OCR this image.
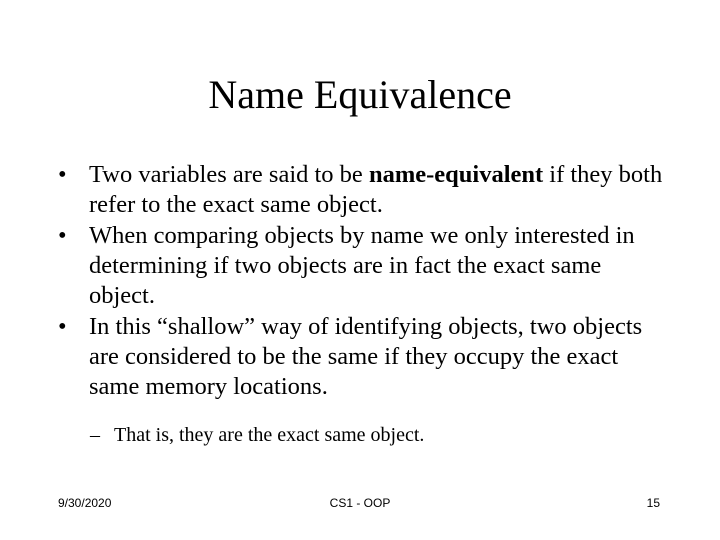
Name Equivalence
• Two variables are said to be name-equivalent if they both refer to the exact same object.
• When comparing objects by name we only interested in determining if two objects are in fact the exact same object.
• In this “shallow” way of identifying objects, two objects are considered to be the same if they occupy the exact same memory locations.
– That is, they are the exact same object.
9/30/2020	CS1 - OOP	15
